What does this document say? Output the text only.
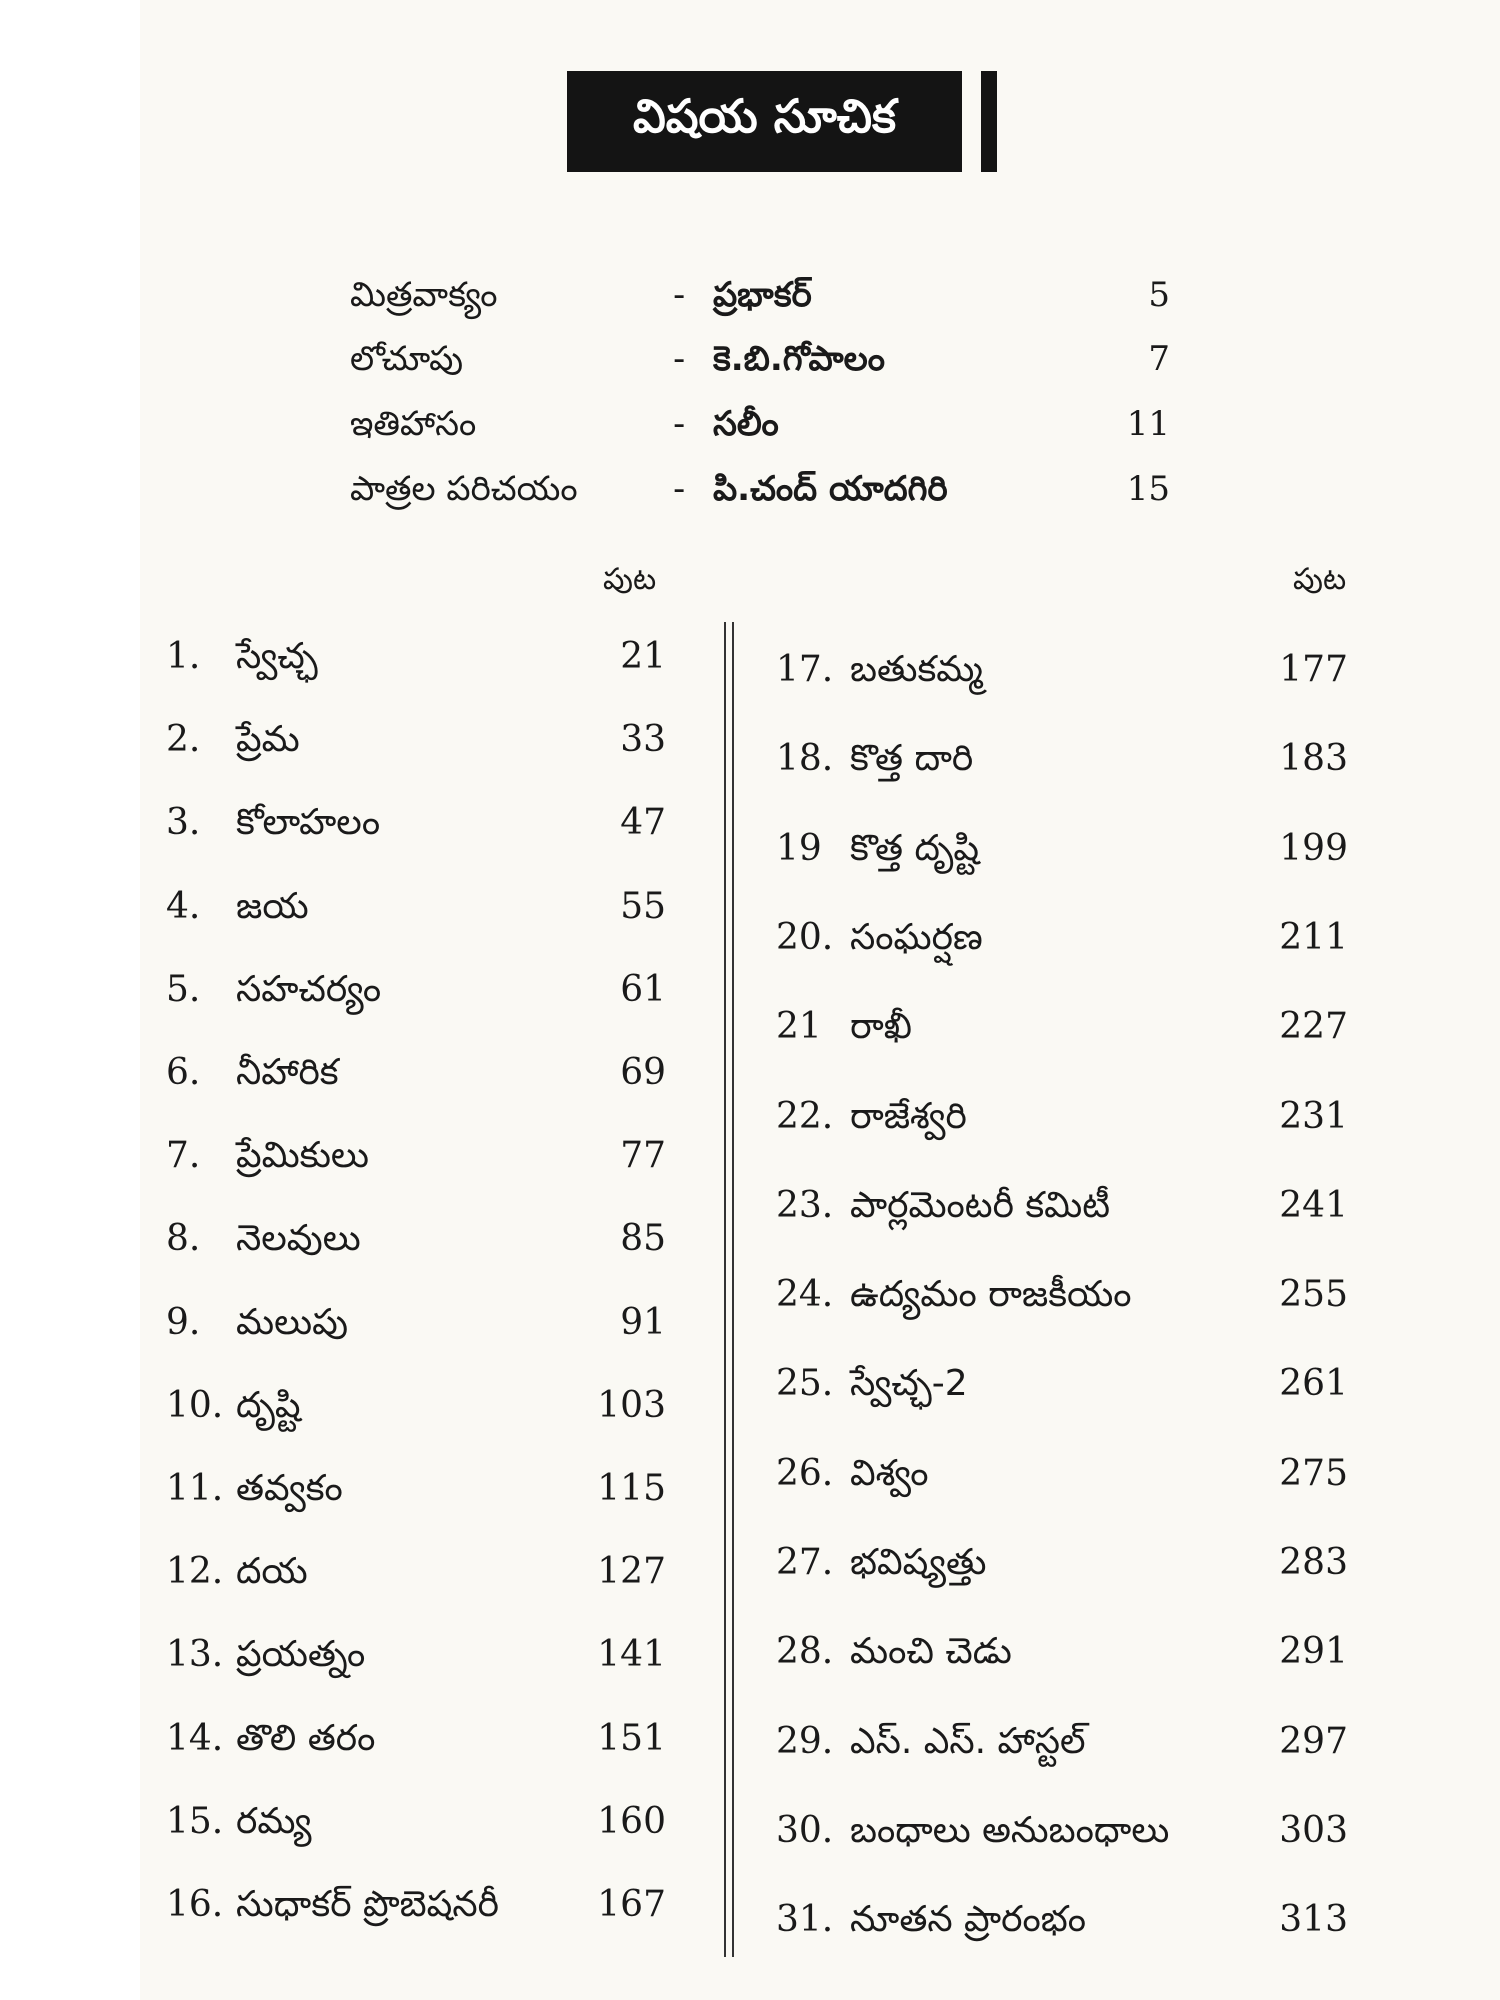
విషయ సూచిక
మిత్రవాక్యం	- ప్రభాకర్	5
లోచూపు	- కె.బి.గోపాలం	7
ఇతిహాసం	- సలీం	11
పాత్రల పరిచయం	- పి.చంద్ యాదగిరి	15
పుట	పుట
1. స్వేచ్ఛ	21
2. ప్రేమ	33
3. కోలాహలం	47
4. జయ	55
5. సహచర్యం	61
6. నీహారిక	69
7. ప్రేమికులు	77
8. నెలవులు	85
9. మలుపు	91
10. దృష్టి	103
11. తవ్వకం	115
12. దయ	127
13. ప్రయత్నం	141
14. తొలి తరం	151
15. రమ్య	160
16. సుధాకర్ ప్రొబెషనరీ	167
17. బతుకమ్మ	177
18. కొత్త దారి	183
19 కొత్త దృష్టి	199
20. సంఘర్షణ	211
21 రాఖీ	227
22. రాజేశ్వరి	231
23. పార్లమెంటరీ కమిటీ	241
24. ఉద్యమం రాజకీయం	255
25. స్వేచ్ఛ-2	261
26. విశ్వం	275
27. భవిష్యత్తు	283
28. మంచి చెడు	291
29. ఎస్. ఎస్. హాస్టల్	297
30. బంధాలు అనుబంధాలు	303
31. నూతన ప్రారంభం	313
